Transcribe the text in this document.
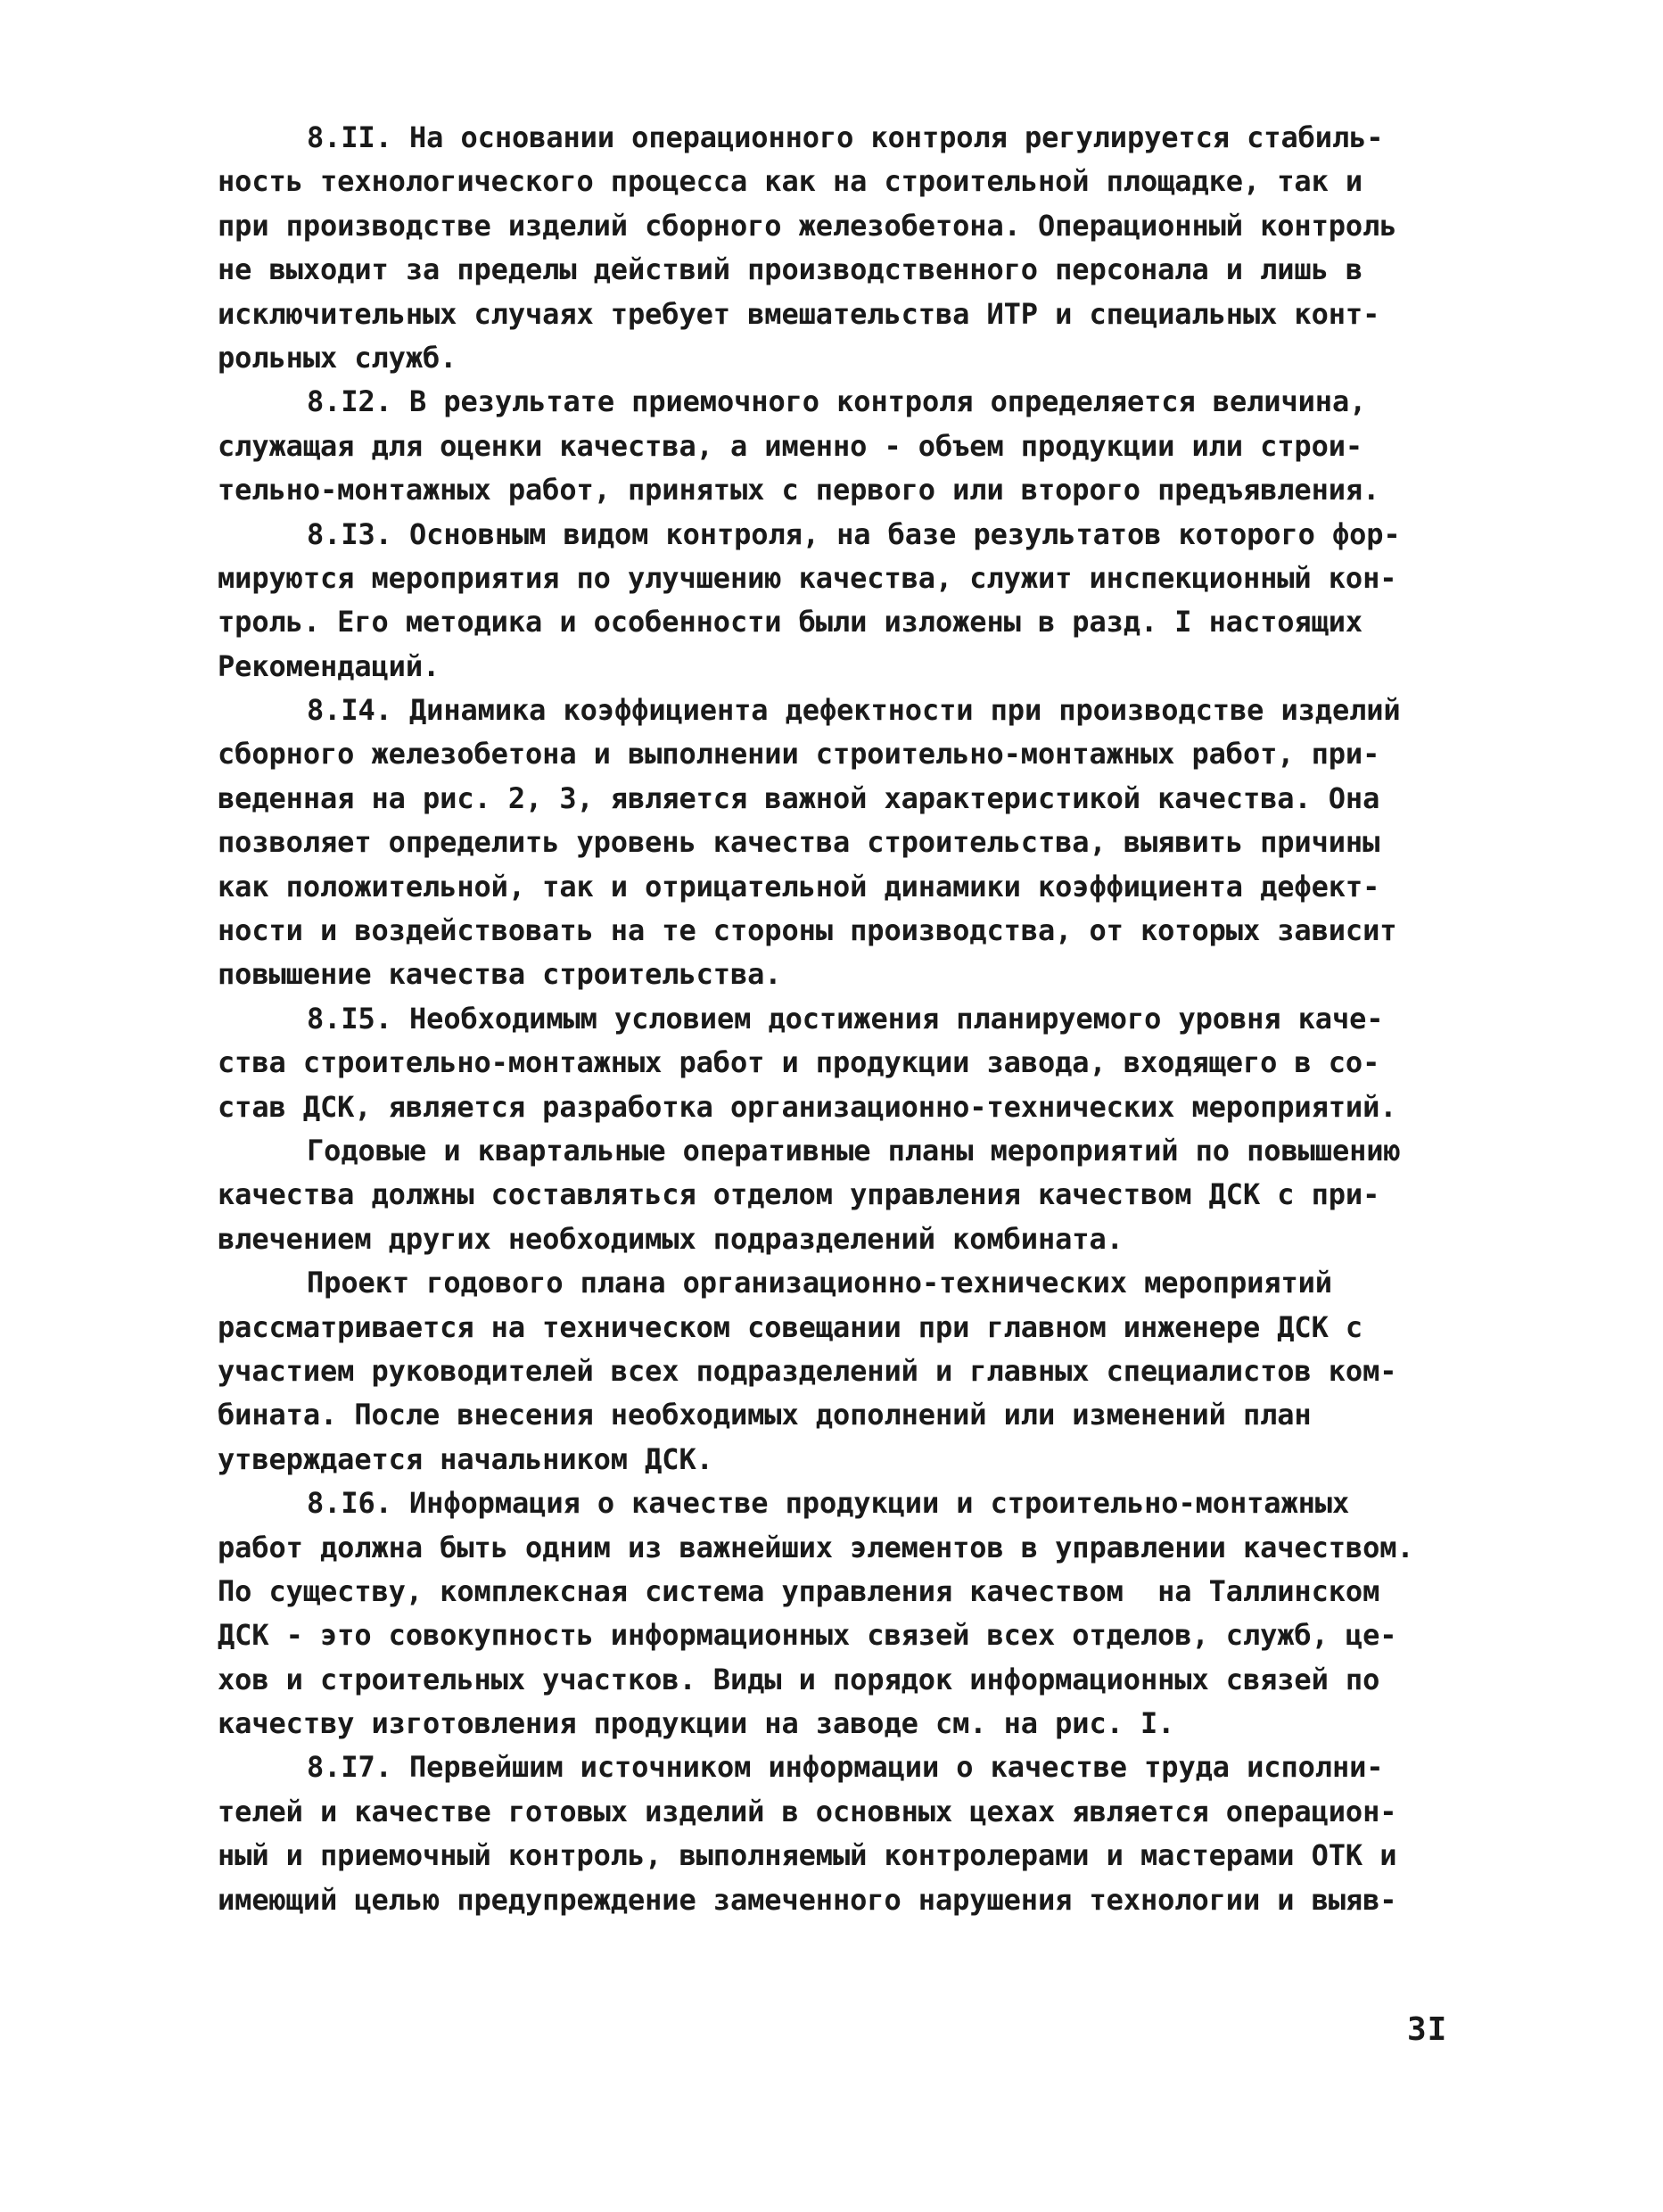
8.II. На основании операционного контроля регулируется стабиль-
ность технологического процесса как на строительной площадке, так и
при производстве изделий сборного железобетона. Операционный контроль
не выходит за пределы действий производственного персонала и лишь в
исключительных случаях требует вмешательства ИТР и специальных конт-
рольных служб.
8.I2. В результате приемочного контроля определяется величина,
служащая для оценки качества, а именно - объем продукции или строи-
тельно-монтажных работ, принятых с первого или второго предъявления.
8.I3. Основным видом контроля, на базе результатов которого фор-
мируются мероприятия по улучшению качества, служит инспекционный кон-
троль. Его методика и особенности были изложены в разд. I настоящих
Рекомендаций.
8.I4. Динамика коэффициента дефектности при производстве изделий
сборного железобетона и выполнении строительно-монтажных работ, при-
веденная на рис. 2, 3, является важной характеристикой качества. Она
позволяет определить уровень качества строительства, выявить причины
как положительной, так и отрицательной динамики коэффициента дефект-
ности и воздействовать на те стороны производства, от которых зависит
повышение качества строительства.
8.I5. Необходимым условием достижения планируемого уровня каче-
ства строительно-монтажных работ и продукции завода, входящего в со-
став ДСК, является разработка организационно-технических мероприятий.
Годовые и квартальные оперативные планы мероприятий по повышению
качества должны составляться отделом управления качеством ДСК с при-
влечением других необходимых подразделений комбината.
Проект годового плана организационно-технических мероприятий
рассматривается на техническом совещании при главном инженере ДСК с
участием руководителей всех подразделений и главных специалистов ком-
бината. После внесения необходимых дополнений или изменений план
утверждается начальником ДСК.
8.I6. Информация о качестве продукции и строительно-монтажных
работ должна быть одним из важнейших элементов в управлении качеством.
По существу, комплексная система управления качеством  на Таллинском
ДСК - это совокупность информационных связей всех отделов, служб, це-
хов и строительных участков. Виды и порядок информационных связей по
качеству изготовления продукции на заводе см. на рис. I.
8.I7. Первейшим источником информации о качестве труда исполни-
телей и качестве готовых изделий в основных цехах является операцион-
ный и приемочный контроль, выполняемый контролерами и мастерами ОТК и
имеющий целью предупреждение замеченного нарушения технологии и выяв-
3I
